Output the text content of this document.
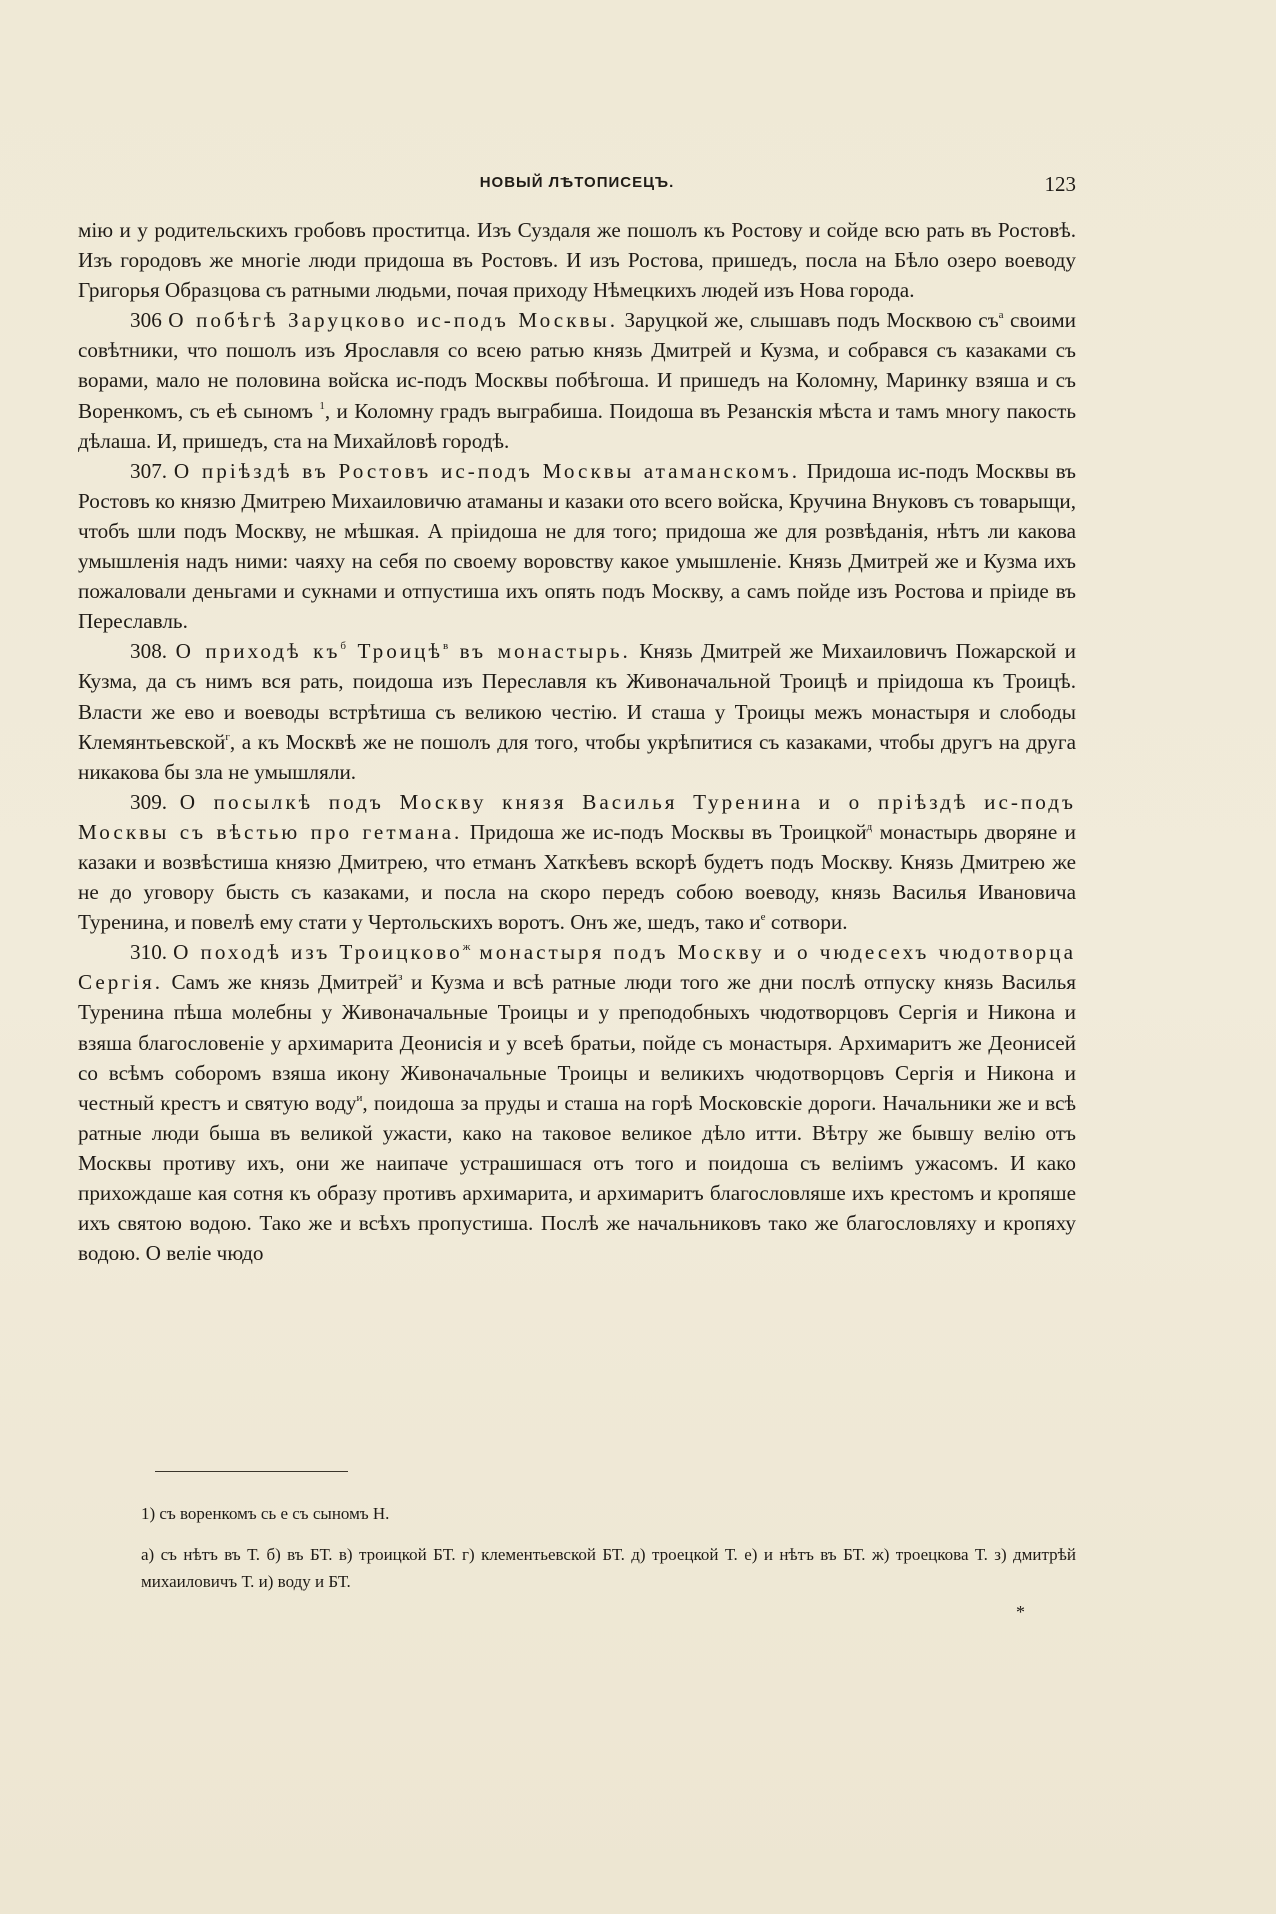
НОВЫЙ ЛѢТОПИСЕЦЪ.	123

мію и у родительскихъ гробовъ проститца. Изъ Суздаля же пошолъ къ Ростову и сойде всю рать въ Ростовѣ. Изъ городовъ же многіе люди придоша въ Ростовъ. И изъ Ростова, пришедъ, посла на Бѣло озеро воеводу Григорья Образцова съ ратными людьми, почая приходу Нѣмецкихъ людей изъ Нова города.

306 О побѣгѣ Заруцково ис-подъ Москвы. Заруцкой же, слышавъ подъ Москвою $съ^а$ своими совѣтники, что пошолъ изъ Ярославля со всею ратью князь Дмитрей и Кузма, и собрався съ казаками съ ворами, мало не половина войска ис-подъ Москвы побѣгоша. И пришедъ на Коломну, Маринку взяша и съ Воренкомъ, съ еѣ сыномъ $^1$, и Коломну градъ выграбиша. Поидоша въ Резанскія мѣста и тамъ многу пакость дѣлаша. И, пришедъ, ста на Михайловѣ городѣ.

307. О пріѣздѣ въ Ростовъ ис-подъ Москвы атаманскомъ. Придоша ис-подъ Москвы въ Ростовъ ко князю Дмитрею Михаиловичю атаманы и казаки ото всего войска, Кручина Внуковъ съ товарыщи, чтобъ шли подъ Москву, не мѣшкая. А пріидоша не для того; придоша же для розвѣданія, нѣтъ ли какова умышленія надъ ними: чаяху на себя по своему воровству какое умышленіе. Князь Дмитрей же и Кузма ихъ пожаловали деньгами и сукнами и отпустиша ихъ опять подъ Москву, а самъ пойде изъ Ростова и пріиде въ Переславль.

308. О приходѣ $къ^б$ Троицѣ$^в$ въ монастырь. Князь Дмитрей же Михаиловичъ Пожарской и Кузма, да съ нимъ вся рать, поидоша изъ Переславля къ Живоначальной Троицѣ и пріидоша къ Троицѣ. Власти же ево и воеводы встрѣтиша съ великою честію. И сташа у Троицы межъ монастыря и слободы Клемянтьевской$^г$, а къ Москвѣ же не пошолъ для того, чтобы укрѣпитися съ казаками, чтобы другъ на друга никакова бы зла не умышляли.

309. О посылкѣ подъ Москву князя Василья Туренина и о пріѣздѣ ис-подъ Москвы съ вѣстью про гетмана. Придоша же ис-подъ Москвы въ Троицкой$^д$ монастырь дворяне и казаки и возвѣстиша князю Дмитрею, что етманъ Хаткѣевъ вскорѣ будетъ подъ Москву. Князь Дмитрею же не до уговору бысть съ казаками, и посла на скоро передъ собою воеводу, князь Василья Ивановича Туренина, и повелѣ ему стати у Чертольскихъ воротъ. Онъ же, шедъ, тако $и^е$ сотвори.

310. О походѣ изъ Троицково$^ж$ монастыря подъ Москву и о чюдесехъ чюдотворца Сергія. Самъ же князь Дмитрей$^з$ и Кузма и всѣ ратные люди того же дни послѣ отпуску князь Василья Туренина пѣша молебны у Живоначальные Троицы и у преподобныхъ чюдотворцовъ Сергія и Никона и взяша благословеніе у архимарита Деонисія и у всеѣ братьи, пойде съ монастыря. Архимаритъ же Деонисей со всѣмъ соборомъ взяша икону Живоначальные Троицы и великихъ чюдотворцовъ Сергія и Никона и честный крестъ и святую воду$^и$, поидоша за пруды и сташа на горѣ Московскіе дороги. Начальники же и всѣ ратные люди быша въ великой ужасти, како на таковое великое дѣло итти. Вѣтру же бывшу велію отъ Москвы противу ихъ, они же наипаче устрашишася отъ того и поидоша съ веліимъ ужасомъ. И како прихождаше кая сотня къ образу противъ архимарита, и архимаритъ благословляше ихъ крестомъ и кропяше ихъ святою водою. Тако же и всѣхъ пропустиша. Послѣ же начальниковъ тако же благословляху и кропяху водою. О веліе чюдо

1) съ воренкомъ сь е съ сыномъ Н.

а) съ нѣтъ въ Т. б) въ БТ. в) троицкой БТ. г) клементьевской БТ. д) троецкой Т. е) и нѣтъ въ БТ. ж) троецкова Т. з) дмитрѣй михаиловичъ Т. и) воду и БТ.

*
